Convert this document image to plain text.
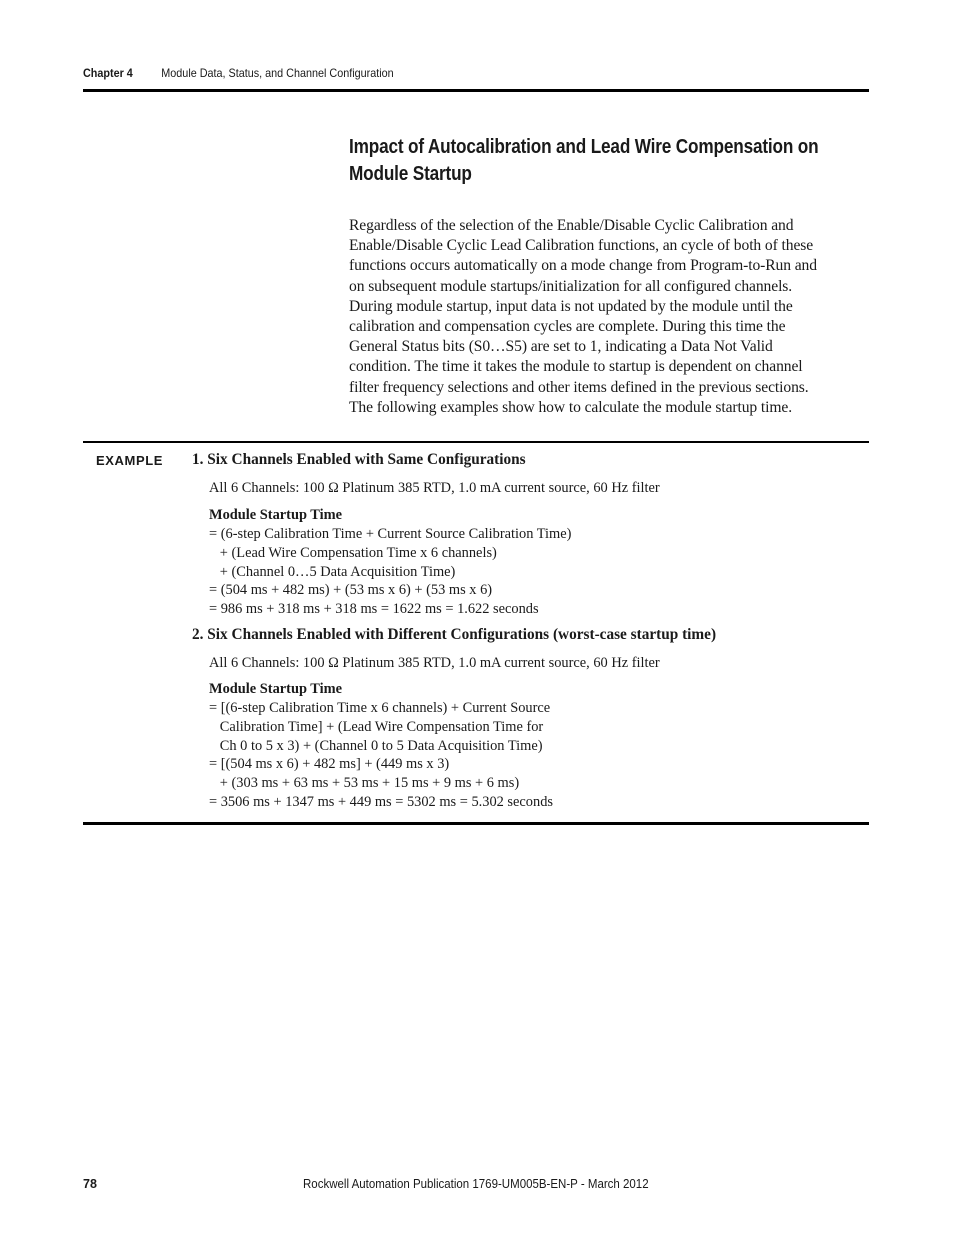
Chapter 4 Module Data, Status, and Channel Configuration
Impact of Autocalibration and Lead Wire Compensation on
Module Startup
Regardless of the selection of the Enable/Disable Cyclic Calibration and
Enable/Disable Cyclic Lead Calibration functions, an cycle of both of these
functions occurs automatically on a mode change from Program-to-Run and
on subsequent module startups/initialization for all configured channels.
During module startup, input data is not updated by the module until the
calibration and compensation cycles are complete. During this time the
General Status bits (S0…S5) are set to 1, indicating a Data Not Valid
condition. The time it takes the module to startup is dependent on channel
filter frequency selections and other items defined in the previous sections.
The following examples show how to calculate the module startup time.
EXAMPLE 1. Six Channels Enabled with Same Configurations
All 6 Channels: 100 Ω Platinum 385 RTD, 1.0 mA current source, 60 Hz filter
Module Startup Time
= (6-step Calibration Time + Current Source Calibration Time)
+ (Lead Wire Compensation Time x 6 channels)
+ (Channel 0…5 Data Acquisition Time)
= (504 ms + 482 ms) + (53 ms x 6) + (53 ms x 6)
= 986 ms + 318 ms + 318 ms = 1622 ms = 1.622 seconds
2. Six Channels Enabled with Different Configurations (worst-case startup time)
All 6 Channels: 100 Ω Platinum 385 RTD, 1.0 mA current source, 60 Hz filter
Module Startup Time
= [(6-step Calibration Time x 6 channels) + Current Source
Calibration Time] + (Lead Wire Compensation Time for
Ch 0 to 5 x 3) + (Channel 0 to 5 Data Acquisition Time)
= [(504 ms x 6) + 482 ms] + (449 ms x 3)
+ (303 ms + 63 ms + 53 ms + 15 ms + 9 ms + 6 ms)
= 3506 ms + 1347 ms + 449 ms = 5302 ms = 5.302 seconds
78	Rockwell Automation Publication 1769-UM005B-EN-P - March 2012
